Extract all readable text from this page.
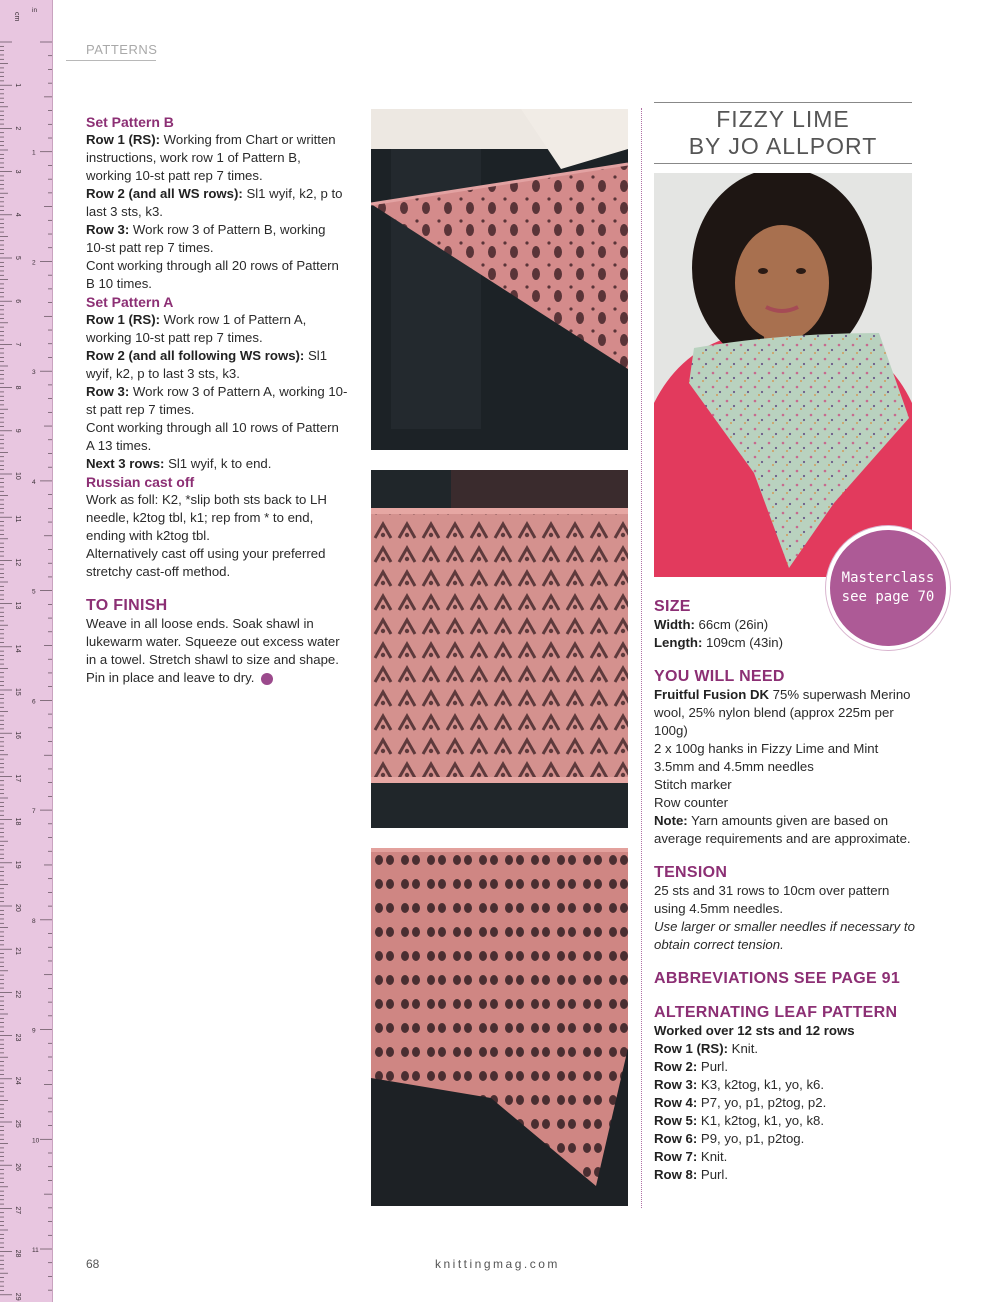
1
2
3
4
5
6
7
8
9
10
11
12
13
14
15
16
17
18
19
20
21
22
23
24
25
26
27
28
29
1
2
3
4
5
6
7
8
9
10
11
cm
in
PATTERNS

Set Pattern B

Row 1 (RS): Working from Chart or written instructions, work row 1 of Pattern B, working 10-st patt rep 7 times.

Row 2 (and all WS rows): Sl1 wyif, k2, p to last 3 sts, k3.

Row 3: Work row 3 of Pattern B, working 10-st patt rep 7 times.

Cont working through all 20 rows of Pattern B 10 times.

Set Pattern A

Row 1 (RS): Work row 1 of Pattern A, working 10-st patt rep 7 times.

Row 2 (and all following WS rows): Sl1 wyif, k2, p to last 3 sts, k3.

Row 3: Work row 3 of Pattern A, working 10-st patt rep 7 times.

Cont working through all 10 rows of Pattern A 13 times.

Next 3 rows: Sl1 wyif, k to end.

Russian cast off

Work as foll: K2, *slip both sts back to LH needle, k2tog tbl, k1; rep from * to end, ending with k2tog tbl.

Alternatively cast off using your preferred stretchy cast-off method.

TO FINISH

Weave in all loose ends. Soak shawl in lukewarm water. Squeeze out excess water in a towel. Stretch shawl to size and shape. Pin in place and leave to dry.

FIZZY LIME
BY JO ALLPORT
Masterclass
see page 70

SIZE

Width: 66cm (26in)

Length: 109cm (43in)

YOU WILL NEED

Fruitful Fusion DK 75% superwash Merino wool, 25% nylon blend (approx 225m per 100g)

2 x 100g hanks in Fizzy Lime and Mint

3.5mm and 4.5mm needles

Stitch marker

Row counter

Note: Yarn amounts given are based on average requirements and are approximate.

TENSION

25 sts and 31 rows to 10cm over pattern using 4.5mm needles.

Use larger or smaller needles if necessary to obtain correct tension.

ABBREVIATIONS SEE PAGE 91

ALTERNATING LEAF PATTERN

Worked over 12 sts and 12 rows

Row 1 (RS): Knit.

Row 2: Purl.

Row 3: K3, k2tog, k1, yo, k6.

Row 4: P7, yo, p1, p2tog, p2.

Row 5: K1, k2tog, k1, yo, k8.

Row 6: P9, yo, p1, p2tog.

Row 7: Knit.

Row 8: Purl.

68	knittingmag.com
